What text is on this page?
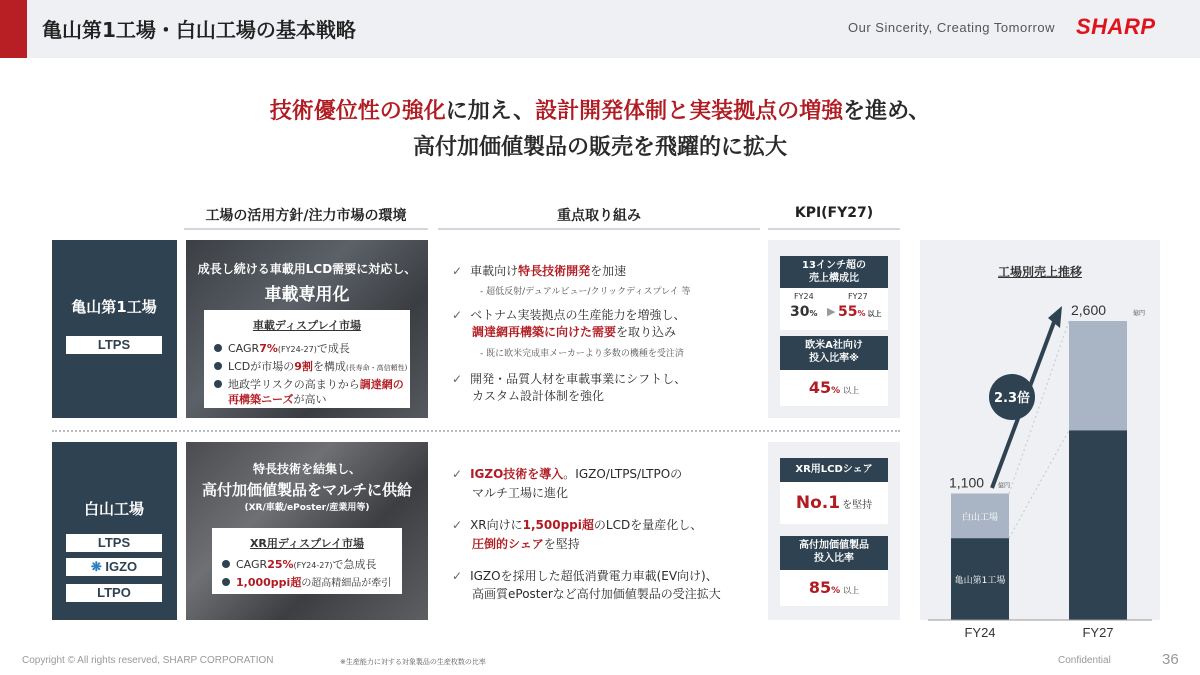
亀山第1工場・白山工場の基本戦略	Our Sincerity, Creating Tomorrow SHARP
技術優位性の強化に加え、設計開発体制と実装拠点の増強を進め、
高付加価値製品の販売を飛躍的に拡大
工場の活用方針/注力市場の環境	重点取り組み	KPI(FY27)
亀山第1工場
LTPS
成長し続ける車載用LCD需要に対応し、
車載専用化
車載ディスプレイ市場
CAGR7%(FY24-27)で成長
LCDが市場の9割を構成(長寿命・高信頼性)
地政学リスクの高まりから調達網の
再構築ニーズが高い
✓ 車載向け特長技術開発を加速
- 超低反射/デュアルビュー/クリックディスプレイ 等
✓ ベトナム実装拠点の生産能力を増強し、
調達網再構築に向けた需要を取り込み
- 既に欧米完成車メーカーより多数の機種を受注済
✓ 開発・品質人材を車載事業にシフトし、
カスタム設計体制を強化
13インチ超の
売上構成比
FY24	FY27
30% ▶ 55% 以上
欧米A社向け
投入比率※
45% 以上
白山工場
LTPS
❋ IGZO
LTPO
特長技術を結集し、
高付加価値製品をマルチに供給
(XR/車載/ePoster/産業用等)
XR用ディスプレイ市場
CAGR25%(FY24-27)で急成長
1,000ppi超の超高精細品が牽引
✓ IGZO技術を導入。IGZO/LTPS/LTPOの
マルチ工場に進化
✓ XR向けに1,500ppi超のLCDを量産化し、
圧倒的シェアを堅持
✓ IGZOを採用した超低消費電力車載(EV向け)、
高画質ePosterなど高付加価値製品の受注拡大
XR用LCDシェア
No.1 を堅持
高付加価値製品
投入比率
85% 以上
工場別売上推移
亀山第1工場
白山工場
FY24
1,100 億円
FY27
2,600	億円
2.3倍
Copyright © All rights reserved, SHARP CORPORATION	※生産能力に対する対象製品の生産枚数の比率	Confidential	36
